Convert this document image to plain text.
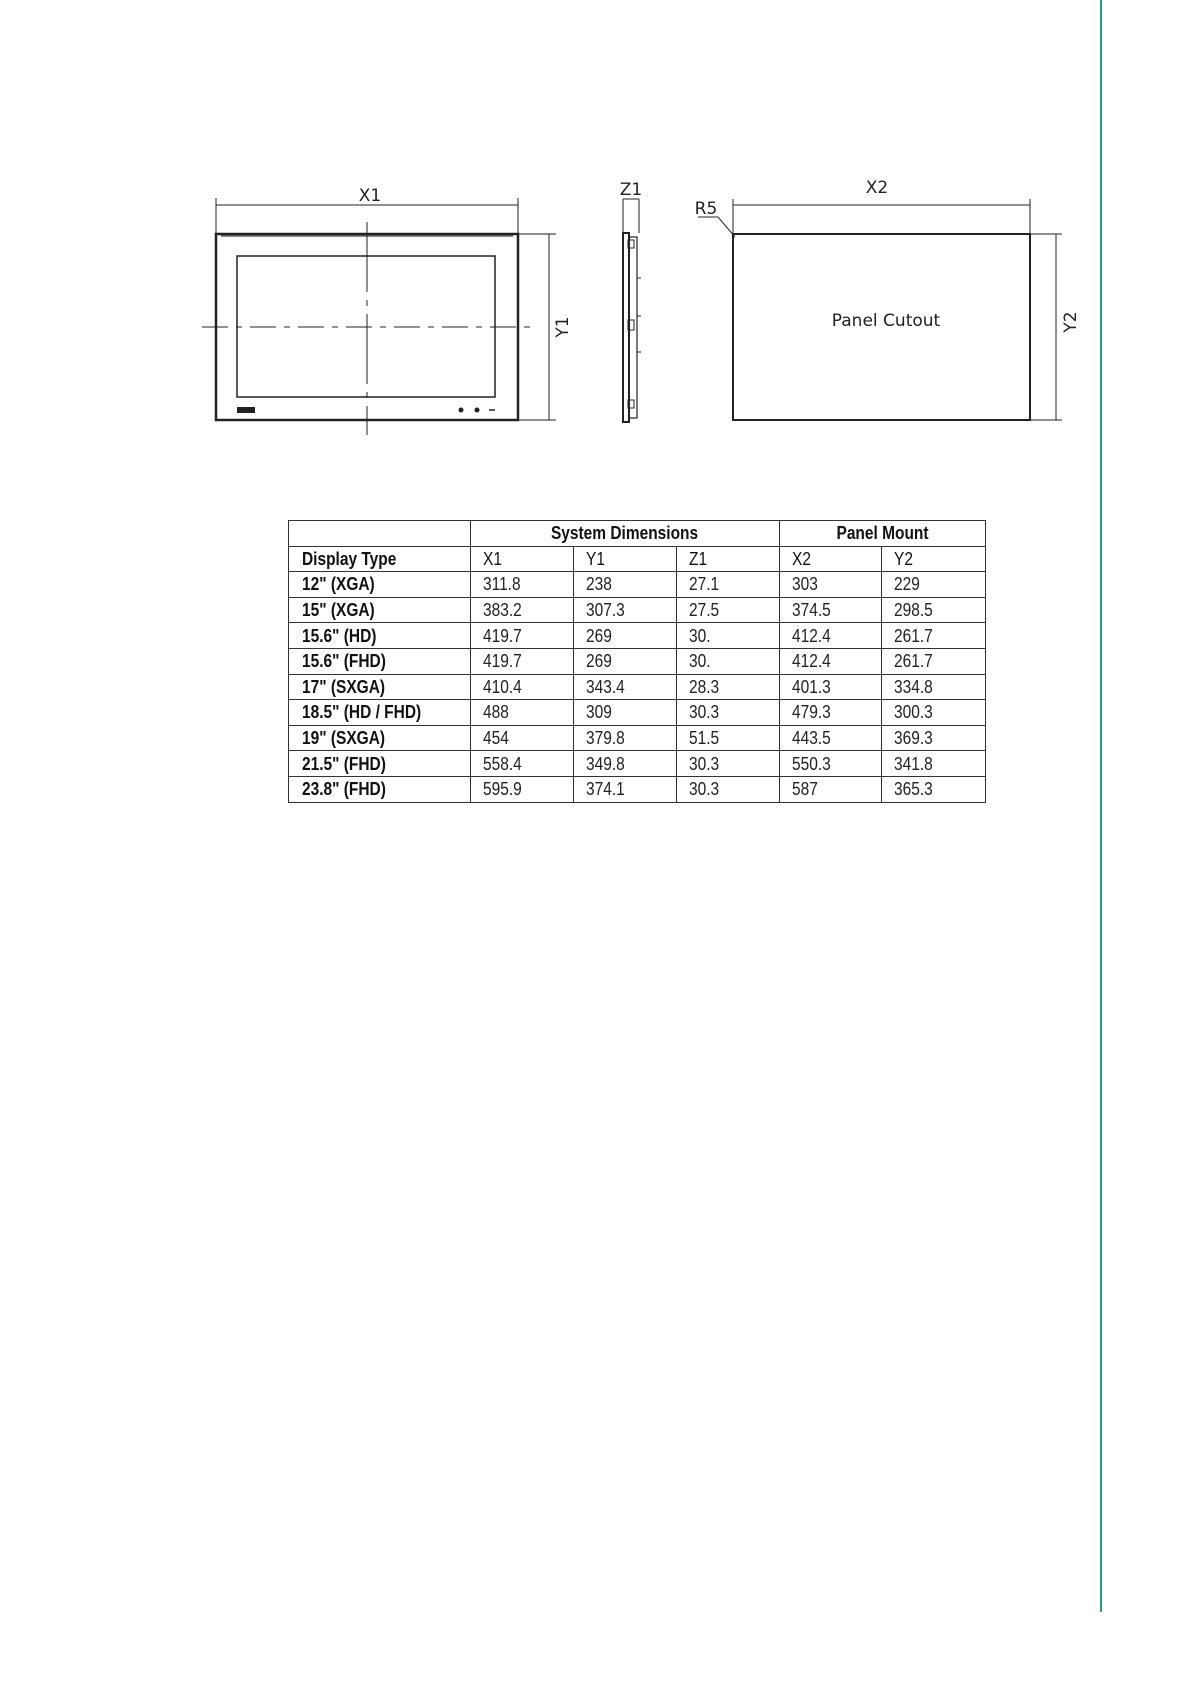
X1
Y1
Z1	X2
R5
Y2
Panel Cutout
	System Dimensions			Panel Mount	
Display Type	X1	Y1	Z1	X2	Y2
12" (XGA)	311.8	238	27.1	303	229
15" (XGA)	383.2	307.3	27.5	374.5	298.5
15.6" (HD)	419.7	269	30.	412.4	261.7
15.6" (FHD)	419.7	269	30.	412.4	261.7
17" (SXGA)	410.4	343.4	28.3	401.3	334.8
18.5" (HD / FHD)	488	309	30.3	479.3	300.3
19" (SXGA)	454	379.8	51.5	443.5	369.3
21.5" (FHD)	558.4	349.8	30.3	550.3	341.8
23.8" (FHD)	595.9	374.1	30.3	587	365.3
